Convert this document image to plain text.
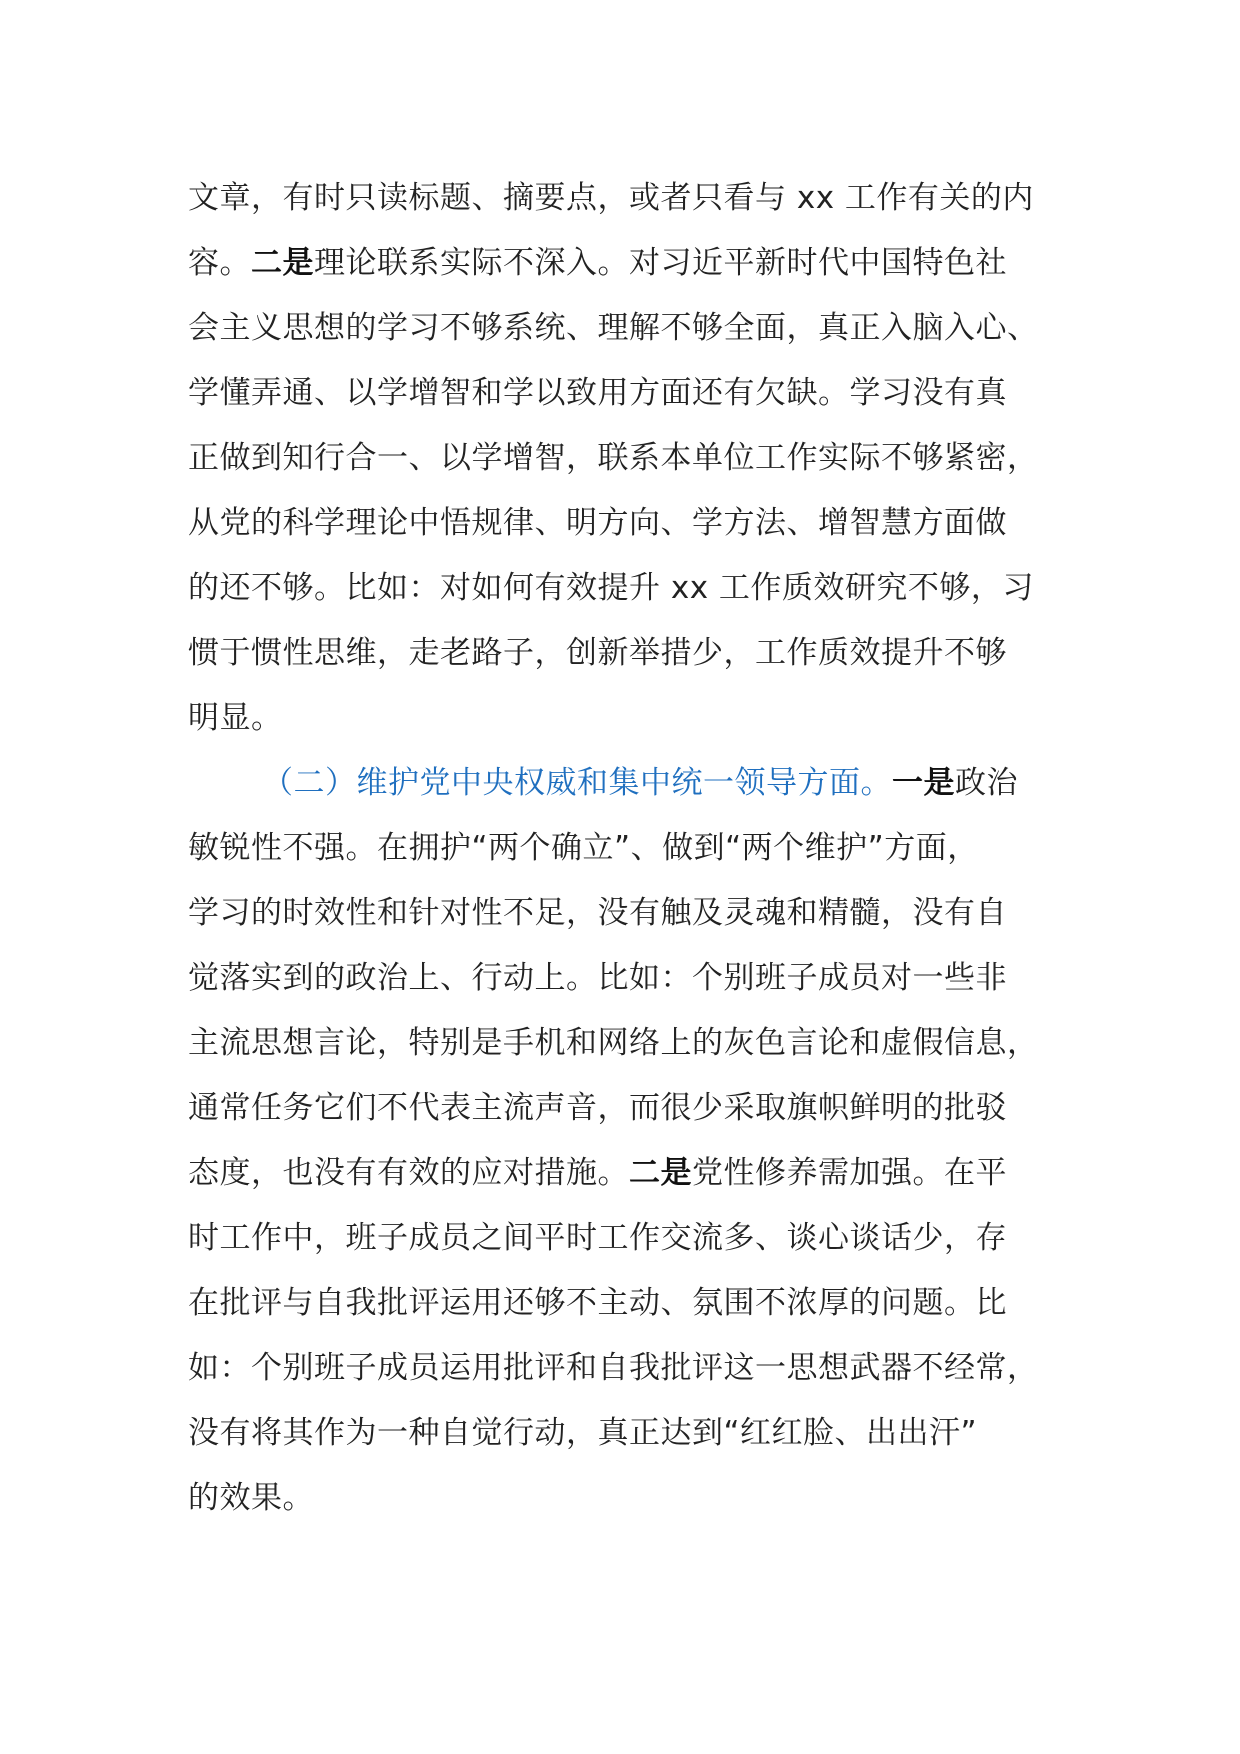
文章，有时只读标题、摘要点，或者只看与 xx 工作有关的内
容。二是理论联系实际不深入。对习近平新时代中国特色社
会主义思想的学习不够系统、理解不够全面，真正入脑入心、
学懂弄通、以学增智和学以致用方面还有欠缺。学习没有真
正做到知行合一、以学增智，联系本单位工作实际不够紧密，
从党的科学理论中悟规律、明方向、学方法、增智慧方面做
的还不够。比如：对如何有效提升 xx 工作质效研究不够，习
惯于惯性思维，走老路子，创新举措少，工作质效提升不够
明显。

（二）维护党中央权威和集中统一领导方面。一是政治
敏锐性不强。在拥护“两个确立”、做到“两个维护”方面，
学习的时效性和针对性不足，没有触及灵魂和精髓，没有自
觉落实到的政治上、行动上。比如：个别班子成员对一些非
主流思想言论，特别是手机和网络上的灰色言论和虚假信息，
通常任务它们不代表主流声音，而很少采取旗帜鲜明的批驳
态度，也没有有效的应对措施。二是党性修养需加强。在平
时工作中，班子成员之间平时工作交流多、谈心谈话少，存
在批评与自我批评运用还够不主动、氛围不浓厚的问题。比
如：个别班子成员运用批评和自我批评这一思想武器不经常，
没有将其作为一种自觉行动，真正达到“红红脸、出出汗”
的效果。
